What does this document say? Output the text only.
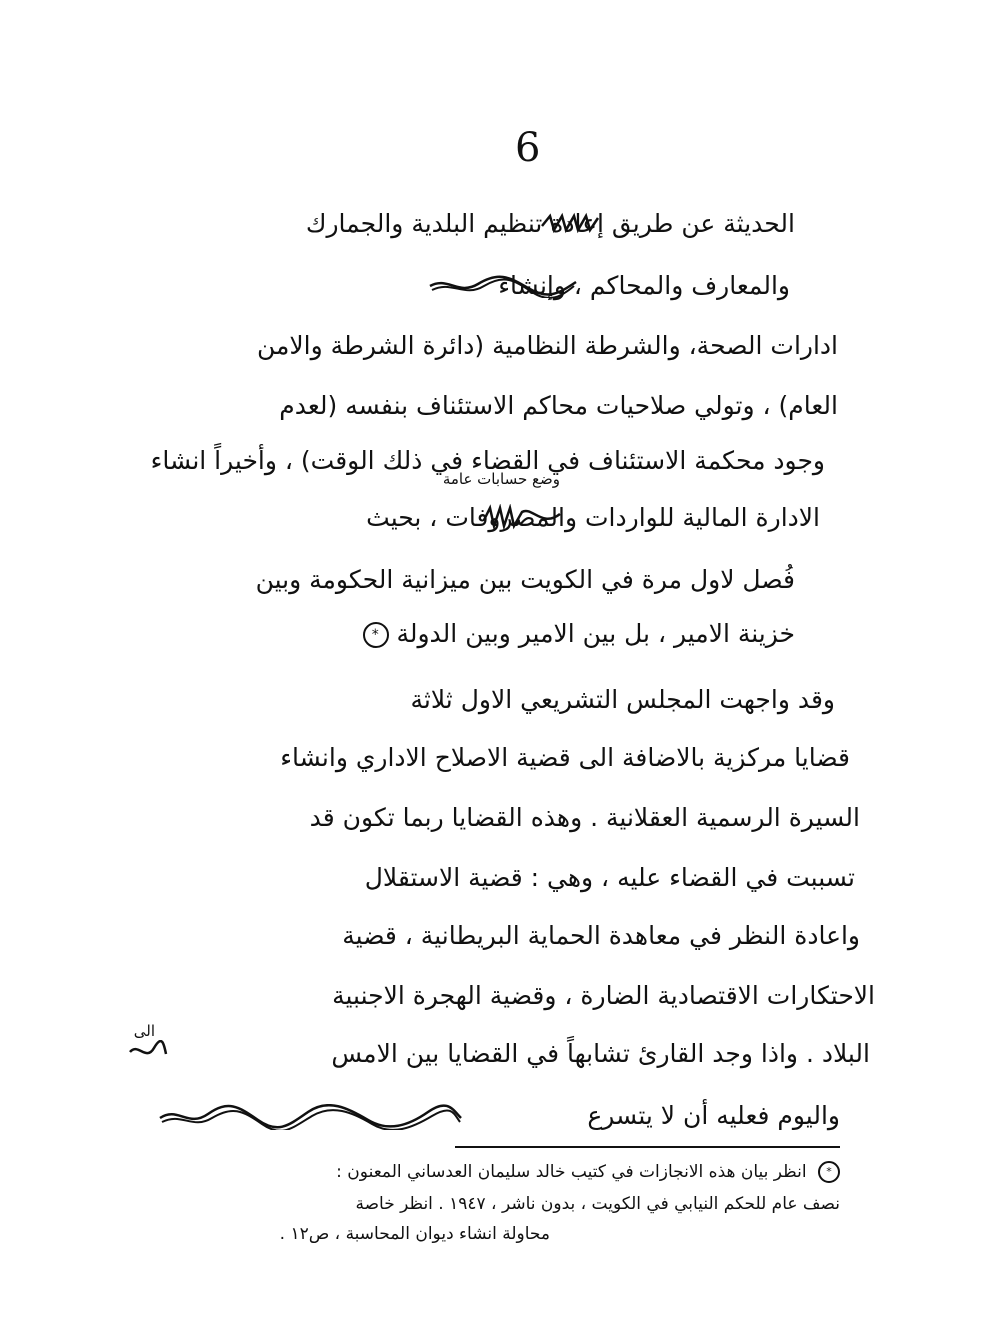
6
الحديثة عن طريق إعادة تنظيم البلدية والجمارك
والمعارف والمحاكم ، وإنشاء
ادارات الصحة، والشرطة النظامية (دائرة الشرطة والامن
العام) ، وتولي صلاحيات محاكم الاستئناف بنفسه (لعدم
وجود محكمة الاستئناف في القضاء في ذلك الوقت) ، وأخيراً انشاء
وضع حسابات عامة
الادارة المالية للواردات والمصروفات ، بحيث
فُصل لاول مرة في الكويت بين ميزانية الحكومة وبين
خزينة الامير ، بل بين الامير وبين الدولة *
وقد واجهت المجلس التشريعي الاول ثلاثة
قضايا مركزية بالاضافة الى قضية الاصلاح الاداري وانشاء
السيرة الرسمية العقلانية . وهذه القضايا ربما تكون قد
تسببت في القضاء عليه ، وهي : قضية الاستقلال
واعادة النظر في معاهدة الحماية البريطانية ، قضية
الاحتكارات الاقتصادية الضارة ، وقضية الهجرة الاجنبية
الى
البلاد . واذا وجد القارئ تشابهاً في القضايا بين الامس
واليوم فعليه أن لا يتسرع
* انظر بيان هذه الانجازات في كتيب خالد سليمان العدساني المعنون :
نصف عام للحكم النيابي في الكويت ، بدون ناشر ، ١٩٤٧ . انظر خاصة
محاولة انشاء ديوان المحاسبة ، ص١٢ .
